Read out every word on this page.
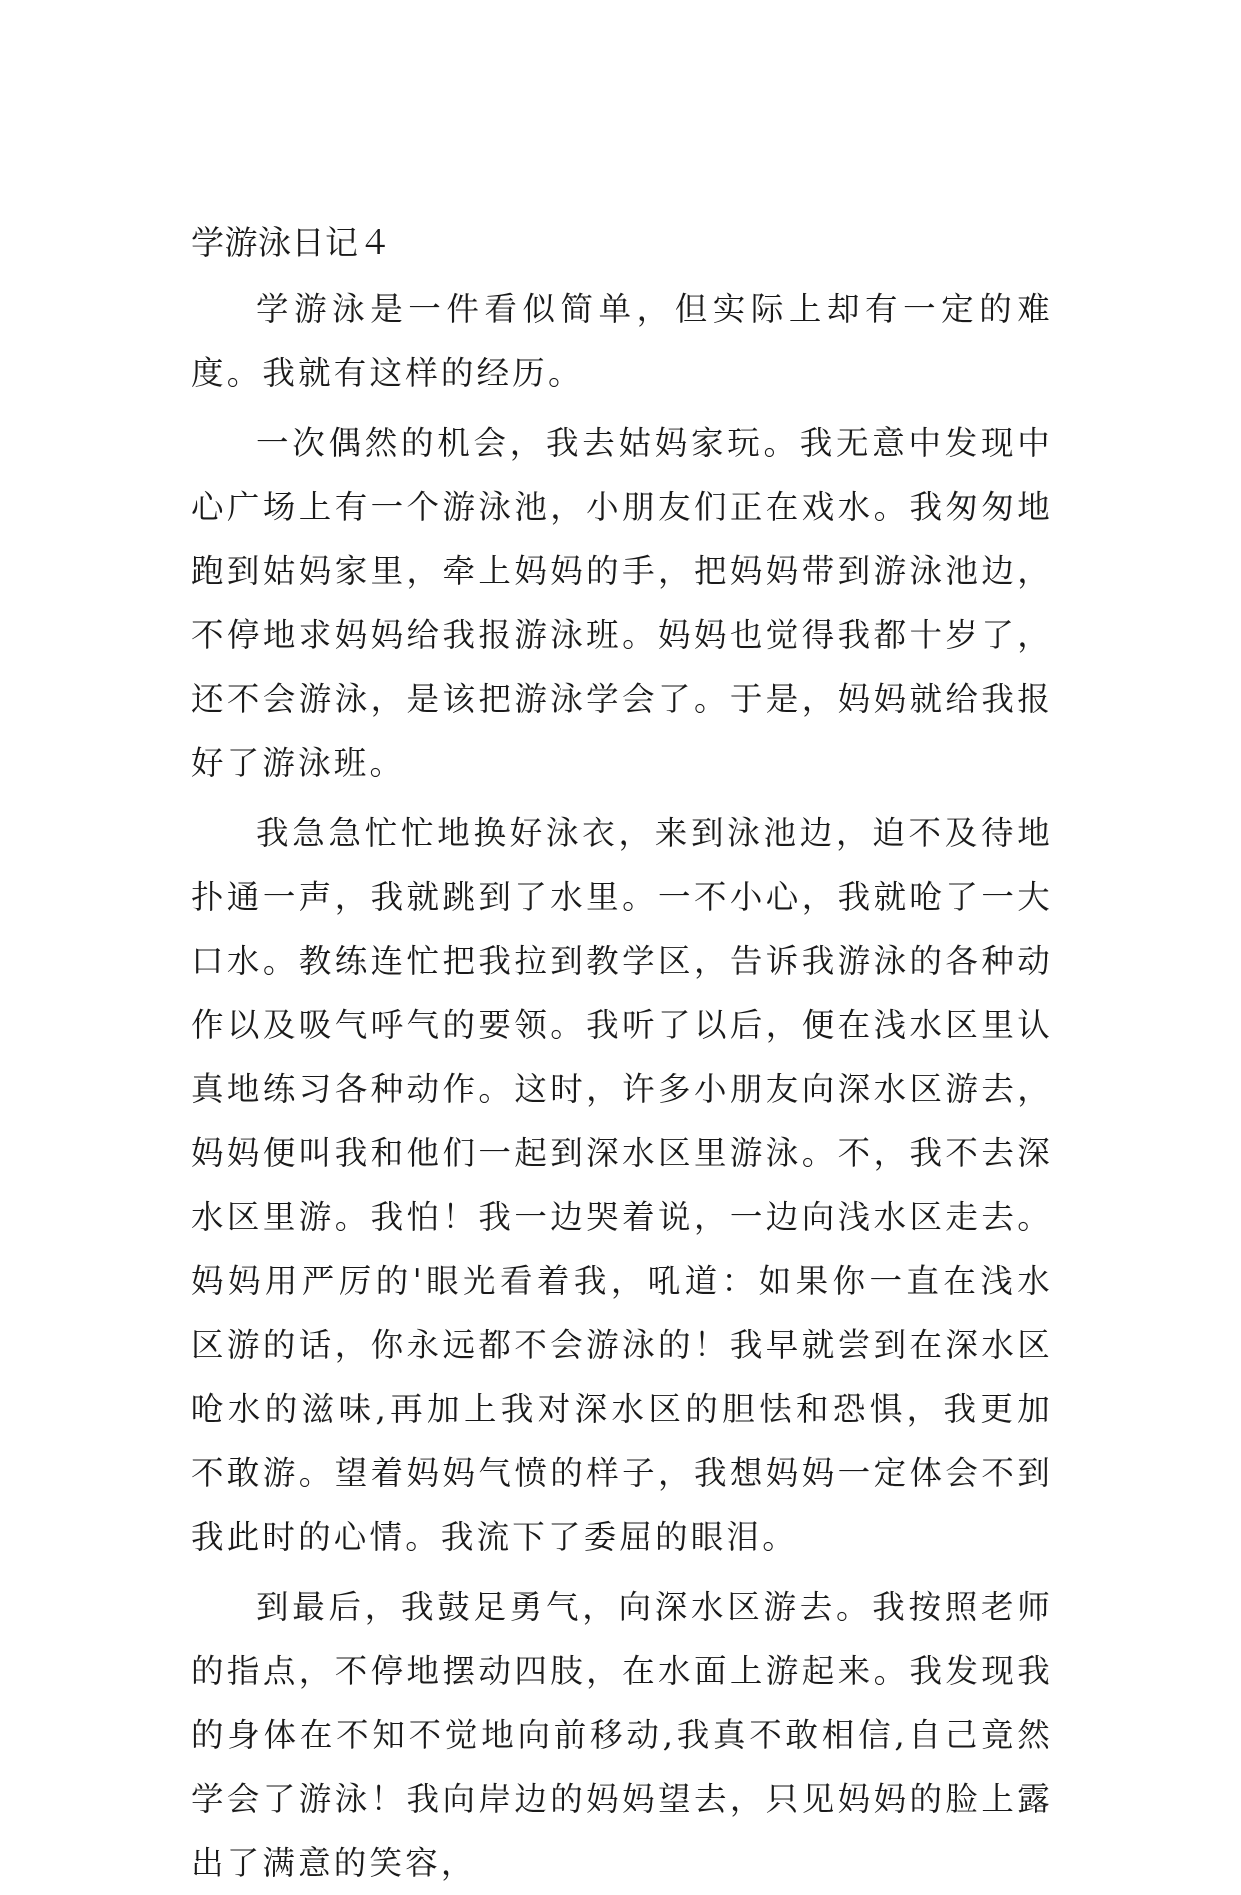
学游泳日记４

学游泳是一件看似简单，但实际上却有一定的难度。我就有这样的经历。

一次偶然的机会，我去姑妈家玩。我无意中发现中心广场上有一个游泳池，小朋友们正在戏水。我匆匆地跑到姑妈家里，牵上妈妈的手，把妈妈带到游泳池边，不停地求妈妈给我报游泳班。妈妈也觉得我都十岁了，还不会游泳，是该把游泳学会了。于是，妈妈就给我报好了游泳班。

我急急忙忙地换好泳衣，来到泳池边，迫不及待地扑通一声，我就跳到了水里。一不小心，我就呛了一大口水。教练连忙把我拉到教学区，告诉我游泳的各种动作以及吸气呼气的要领。我听了以后，便在浅水区里认真地练习各种动作。这时，许多小朋友向深水区游去，妈妈便叫我和他们一起到深水区里游泳。不，我不去深水区里游。我怕！我一边哭着说，一边向浅水区走去。妈妈用严厉的'眼光看着我，吼道：如果你一直在浅水区游的话，你永远都不会游泳的！我早就尝到在深水区呛水的滋味,再加上我对深水区的胆怯和恐惧，我更加不敢游。望着妈妈气愤的样子，我想妈妈一定体会不到我此时的心情。我流下了委屈的眼泪。

到最后，我鼓足勇气，向深水区游去。我按照老师的指点，不停地摆动四肢，在水面上游起来。我发现我的身体在不知不觉地向前移动,我真不敢相信,自己竟然学会了游泳！我向岸边的妈妈望去，只见妈妈的脸上露出了满意的笑容，
